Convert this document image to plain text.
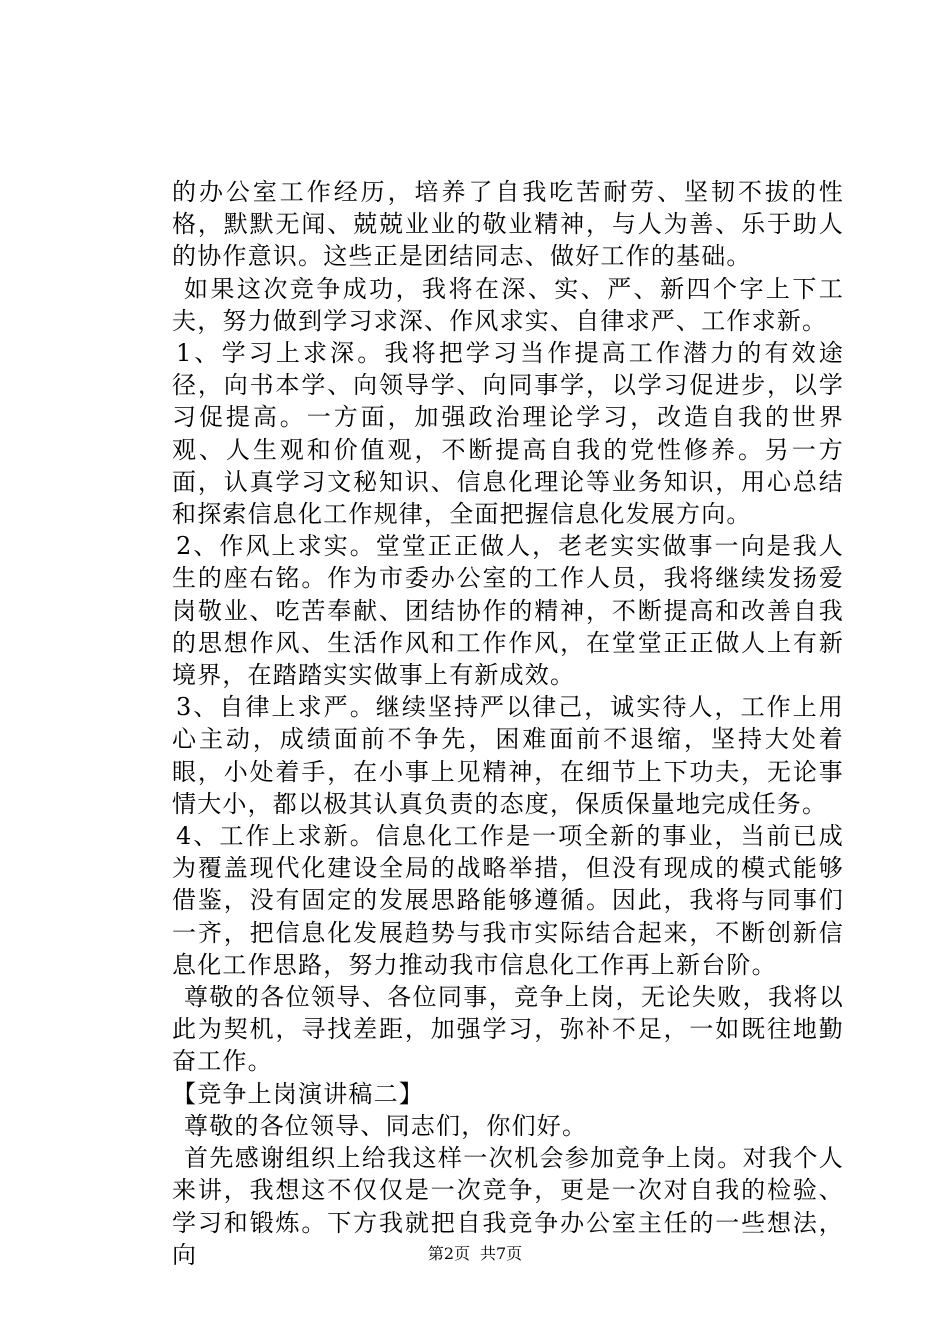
的办公室工作经历，培养了自我吃苦耐劳、坚韧不拔的性格，默默无闻、兢兢业业的敬业精神，与人为善、乐于助人的协作意识。这些正是团结同志、做好工作的基础。

如果这次竞争成功，我将在深、实、严、新四个字上下工夫，努力做到学习求深、作风求实、自律求严、工作求新。

1、学习上求深。我将把学习当作提高工作潜力的有效途径，向书本学、向领导学、向同事学，以学习促进步，以学习促提高。一方面，加强政治理论学习，改造自我的世界观、人生观和价值观，不断提高自我的党性修养。另一方面，认真学习文秘知识、信息化理论等业务知识，用心总结和探索信息化工作规律，全面把握信息化发展方向。

2、作风上求实。堂堂正正做人，老老实实做事一向是我人生的座右铭。作为市委办公室的工作人员，我将继续发扬爱岗敬业、吃苦奉献、团结协作的精神，不断提高和改善自我的思想作风、生活作风和工作作风，在堂堂正正做人上有新境界，在踏踏实实做事上有新成效。

3、自律上求严。继续坚持严以律己，诚实待人，工作上用心主动，成绩面前不争先，困难面前不退缩，坚持大处着眼，小处着手，在小事上见精神，在细节上下功夫，无论事情大小，都以极其认真负责的态度，保质保量地完成任务。

4、工作上求新。信息化工作是一项全新的事业，当前已成为覆盖现代化建设全局的战略举措，但没有现成的模式能够借鉴，没有固定的发展思路能够遵循。因此，我将与同事们一齐，把信息化发展趋势与我市实际结合起来，不断创新信息化工作思路，努力推动我市信息化工作再上新台阶。

尊敬的各位领导、各位同事，竞争上岗，无论失败，我将以此为契机，寻找差距，加强学习，弥补不足，一如既往地勤奋工作。

【竞争上岗演讲稿二】

尊敬的各位领导、同志们，你们好。

首先感谢组织上给我这样一次机会参加竞争上岗。对我个人来讲，我想这不仅仅是一次竞争，更是一次对自我的检验、学习和锻炼。下方我就把自我竞争办公室主任的一些想法，向	第2页 共7页
